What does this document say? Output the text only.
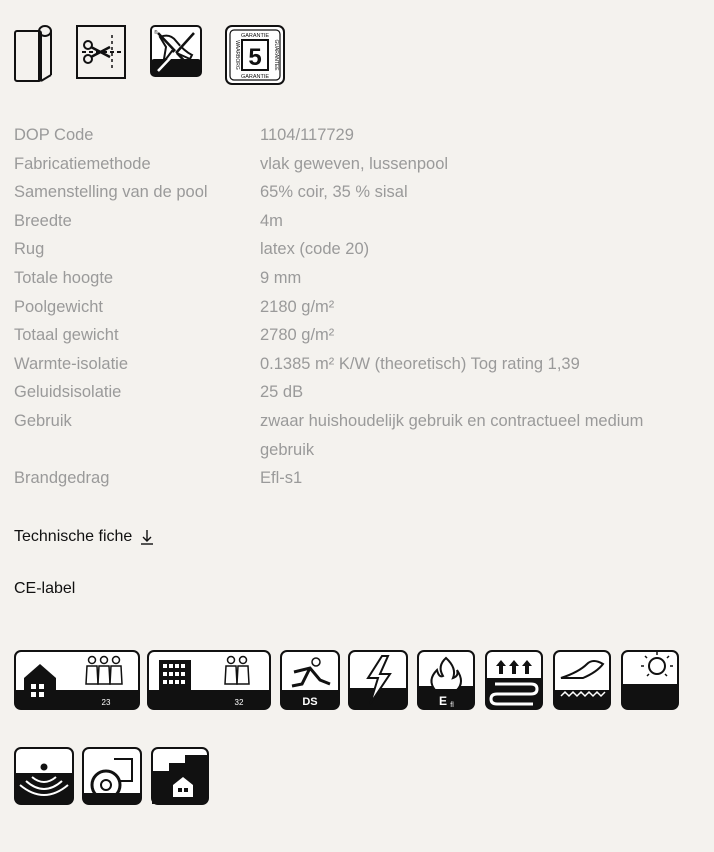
®
5
GARANTIE
GARANTIE
WAARBORG	GUARANTEE
DOP Code	1104/117729
Fabricatiemethode	vlak geweven, lussenpool
Samenstelling van de pool	65% coir, 35 % sisal
Breedte	4m
Rug	latex (code 20)
Totale hoogte	9 mm
Poolgewicht	2180 g/m²
Totaal gewicht	2780 g/m²
Warmte-isolatie	0.1385 m² K/W (theoretisch) Tog rating 1,39
Geluidsisolatie	25 dB
Gebruik	zwaar huishoudelijk gebruik en contractueel medium gebruik
Brandgedrag	Efl-s1
Technische fiche
CE-label
23	32	DS	E fl
